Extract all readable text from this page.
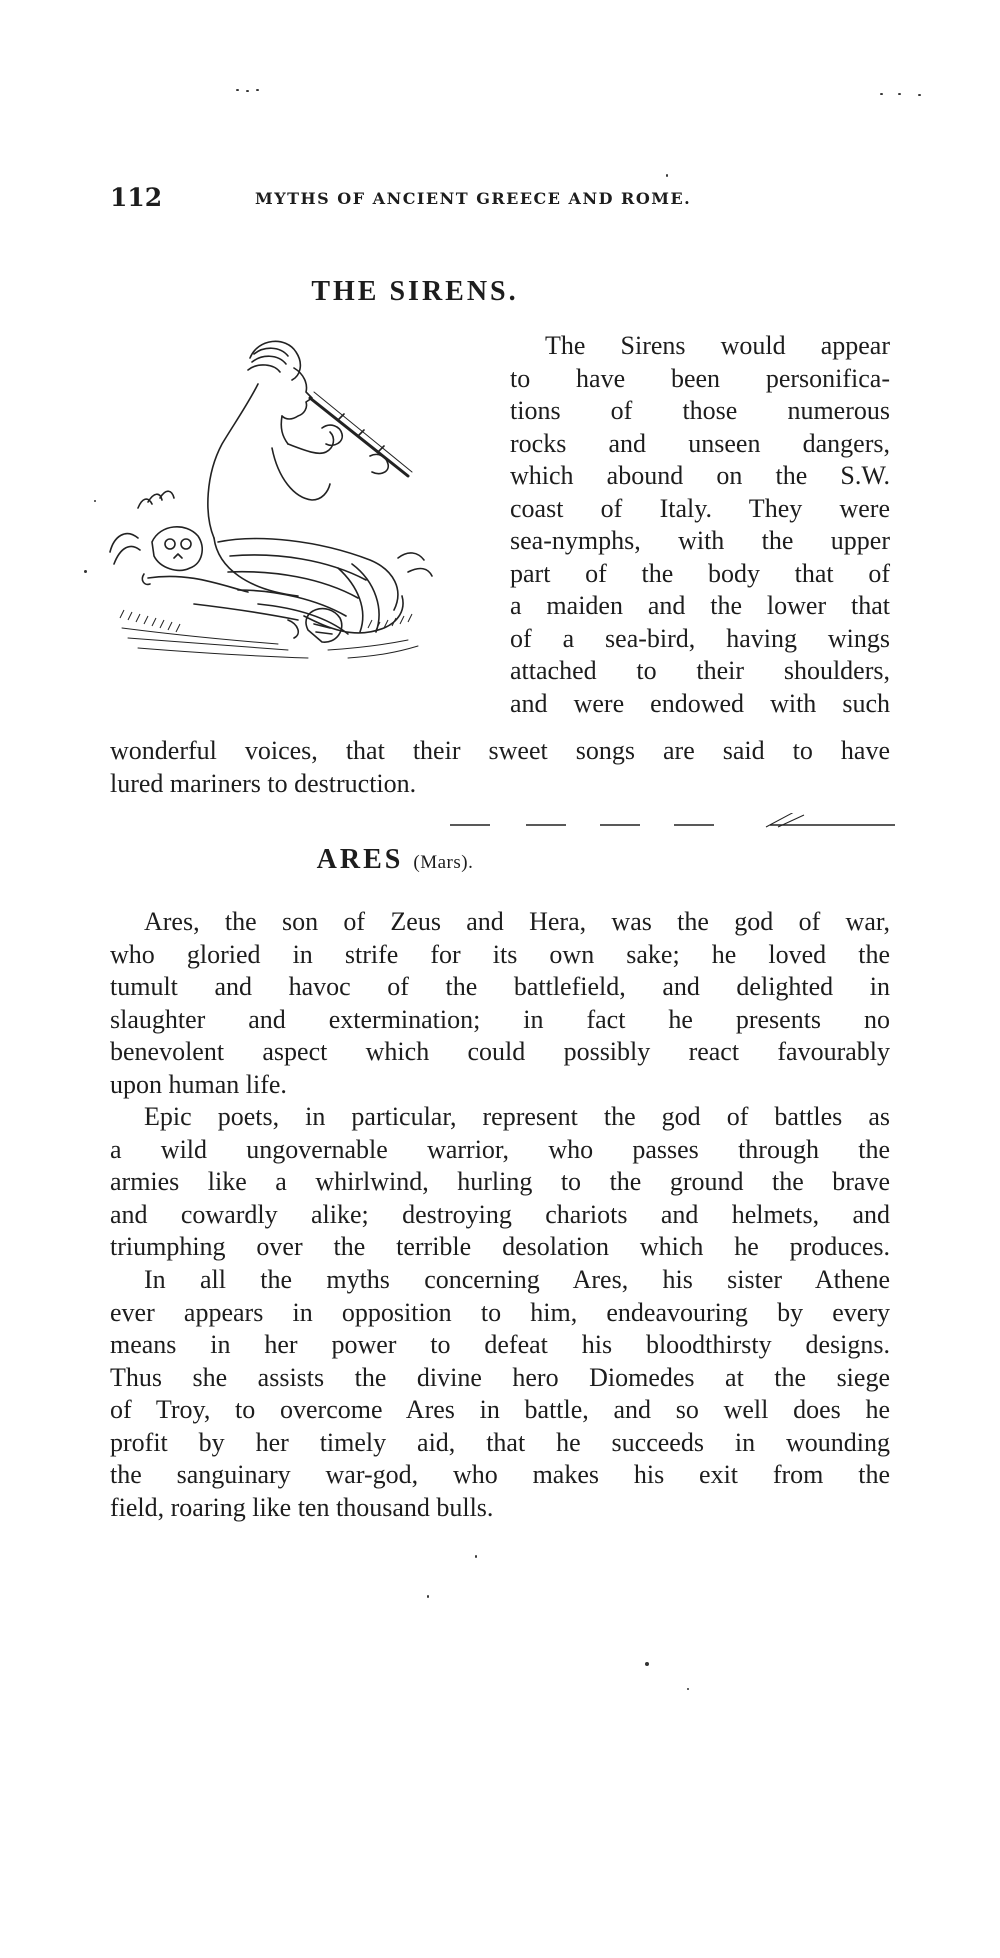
112	MYTHS OF ANCIENT GREECE AND ROME.
THE SIRENS.
The Sirens would appear
to have been personifica-
tions of those numerous
rocks and unseen dangers,
which abound on the S.W.
coast of Italy. They were
sea-nymphs, with the upper
part of the body that of
a maiden and the lower that
of a sea-bird, having wings
attached to their shoulders,
and were endowed with such
wonderful voices, that their sweet songs are said to have
lured mariners to destruction.
ARES (Mars).
Ares, the son of Zeus and Hera, was the god of war,
who gloried in strife for its own sake; he loved the
tumult and havoc of the battlefield, and delighted in
slaughter and extermination; in fact he presents no
benevolent aspect which could possibly react favourably
upon human life.
Epic poets, in particular, represent the god of battles as
a wild ungovernable warrior, who passes through the
armies like a whirlwind, hurling to the ground the brave
and cowardly alike; destroying chariots and helmets, and
triumphing over the terrible desolation which he produces.
In all the myths concerning Ares, his sister Athene
ever appears in opposition to him, endeavouring by every
means in her power to defeat his bloodthirsty designs.
Thus she assists the divine hero Diomedes at the siege
of Troy, to overcome Ares in battle, and so well does he
profit by her timely aid, that he succeeds in wounding
the sanguinary war-god, who makes his exit from the
field, roaring like ten thousand bulls.
